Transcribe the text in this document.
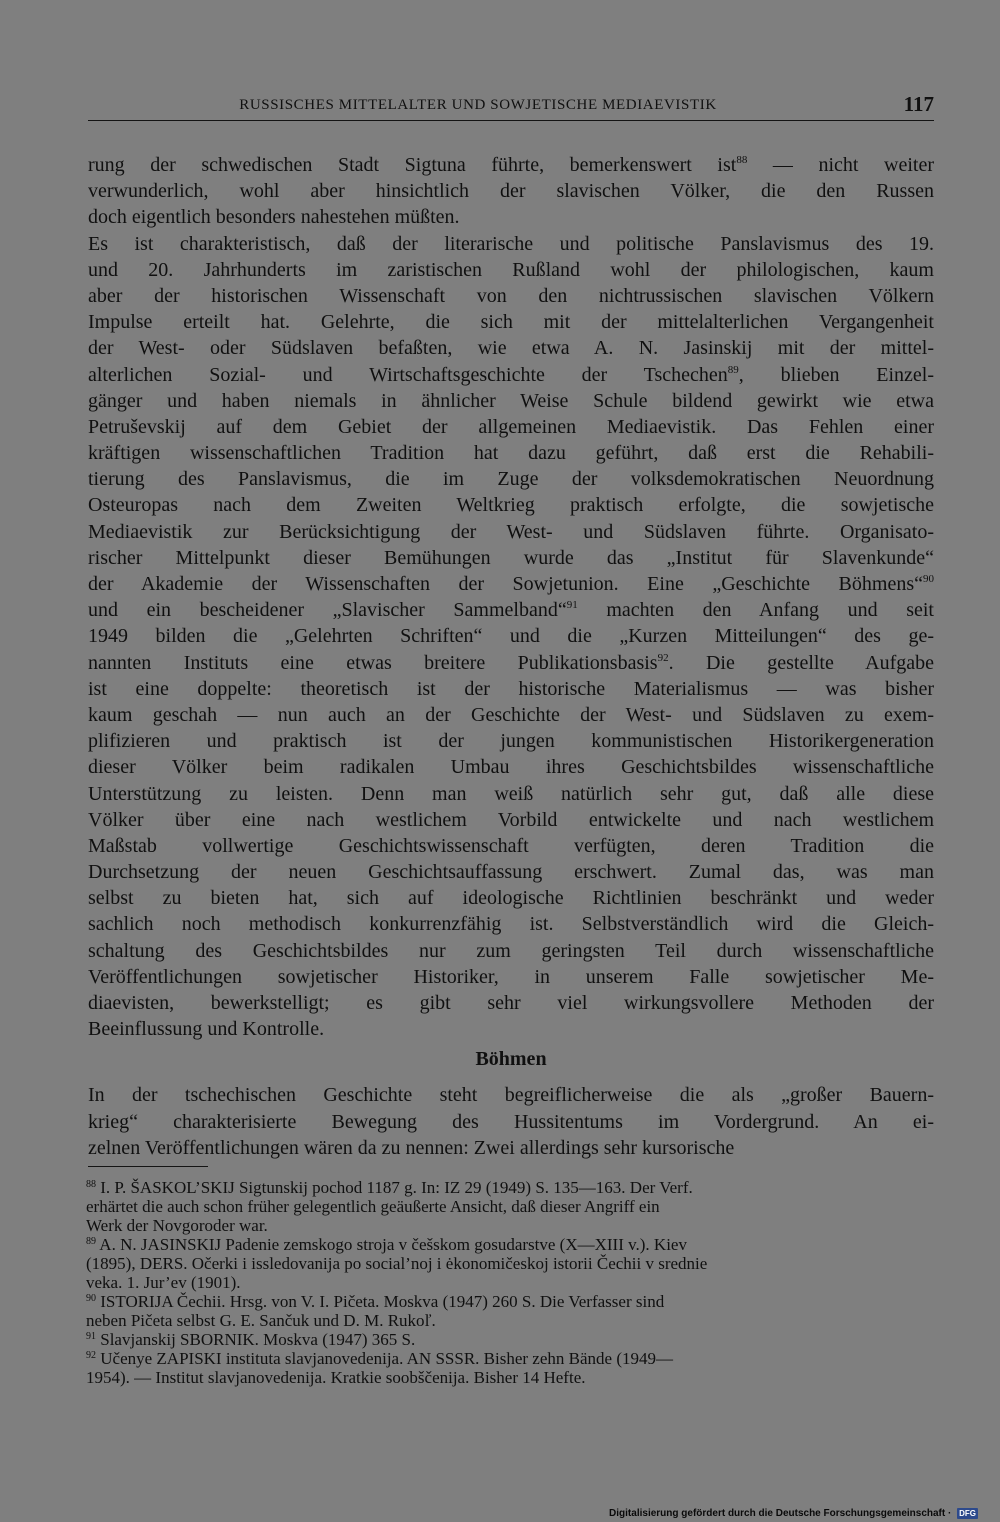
RUSSISCHES MITTELALTER UND SOWJETISCHE MEDIAEVISTIK	117
rung der schwedischen Stadt Sigtuna führte, bemerkenswert ist$^{88}$ — nicht weiter
verwunderlich, wohl aber hinsichtlich der slavischen Völker, die den Russen
doch eigentlich besonders nahestehen müßten.
Es ist charakteristisch, daß der literarische und politische Panslavismus des 19.
und 20. Jahrhunderts im zaristischen Rußland wohl der philologischen, kaum
aber der historischen Wissenschaft von den nichtrussischen slavischen Völkern
Impulse erteilt hat. Gelehrte, die sich mit der mittelalterlichen Vergangenheit
der West- oder Südslaven befaßten, wie etwa A. N. Jasinskij mit der mittel-
alterlichen Sozial- und Wirtschaftsgeschichte der Tschechen$^{89}$, blieben Einzel-
gänger und haben niemals in ähnlicher Weise Schule bildend gewirkt wie etwa
Petruševskij auf dem Gebiet der allgemeinen Mediaevistik. Das Fehlen einer
kräftigen wissenschaftlichen Tradition hat dazu geführt, daß erst die Rehabili-
tierung des Panslavismus, die im Zuge der volksdemokratischen Neuordnung
Osteuropas nach dem Zweiten Weltkrieg praktisch erfolgte, die sowjetische
Mediaevistik zur Berücksichtigung der West- und Südslaven führte. Organisato-
rischer Mittelpunkt dieser Bemühungen wurde das „Institut für Slavenkunde“
der Akademie der Wissenschaften der Sowjetunion. Eine „Geschichte Böhmens“$^{90}$
und ein bescheidener „Slavischer Sammelband“$^{91}$ machten den Anfang und seit
1949 bilden die „Gelehrten Schriften“ und die „Kurzen Mitteilungen“ des ge-
nannten Instituts eine etwas breitere Publikationsbasis$^{92}$. Die gestellte Aufgabe
ist eine doppelte: theoretisch ist der historische Materialismus — was bisher
kaum geschah — nun auch an der Geschichte der West- und Südslaven zu exem-
plifizieren und praktisch ist der jungen kommunistischen Historikergeneration
dieser Völker beim radikalen Umbau ihres Geschichtsbildes wissenschaftliche
Unterstützung zu leisten. Denn man weiß natürlich sehr gut, daß alle diese
Völker über eine nach westlichem Vorbild entwickelte und nach westlichem
Maßstab vollwertige Geschichtswissenschaft verfügten, deren Tradition die
Durchsetzung der neuen Geschichtsauffassung erschwert. Zumal das, was man
selbst zu bieten hat, sich auf ideologische Richtlinien beschränkt und weder
sachlich noch methodisch konkurrenzfähig ist. Selbstverständlich wird die Gleich-
schaltung des Geschichtsbildes nur zum geringsten Teil durch wissenschaftliche
Veröffentlichungen sowjetischer Historiker, in unserem Falle sowjetischer Me-
diaevisten, bewerkstelligt; es gibt sehr viel wirkungsvollere Methoden der
Beeinflussung und Kontrolle.
Böhmen
In der tschechischen Geschichte steht begreiflicherweise die als „großer Bauern-
krieg“ charakterisierte Bewegung des Hussitentums im Vordergrund. An ei-
zelnen Veröffentlichungen wären da zu nennen: Zwei allerdings sehr kursorische
$^{88}$ I. P. ŠASKOL’SKIJ Sigtunskij pochod 1187 g. In: IZ 29 (1949) S. 135—163. Der Verf.
erhärtet die auch schon früher gelegentlich geäußerte Ansicht, daß dieser Angriff ein
Werk der Novgoroder war.
$^{89}$ A. N. JASINSKIJ Padenie zemskogo stroja v češskom gosudarstve (X—XIII v.). Kiev
(1895), DERS. Očerki i issledovanija po social’noj i ėkonomičeskoj istorii Čechii v srednie
veka. 1. Jur’ev (1901).
$^{90}$ ISTORIJA Čechii. Hrsg. von V. I. Pičeta. Moskva (1947) 260 S. Die Verfasser sind
neben Pičeta selbst G. E. Sančuk und D. M. Rukoľ.
$^{91}$ Slavjanskij SBORNIK. Moskva (1947) 365 S.
$^{92}$ Učenye ZAPISKI instituta slavjanovedenija. AN SSSR. Bisher zehn Bände (1949—
1954). — Institut slavjanovedenija. Kratkie soobščenija. Bisher 14 Hefte.
Digitalisierung gefördert durch die Deutsche Forschungsgemeinschaft · DFG
